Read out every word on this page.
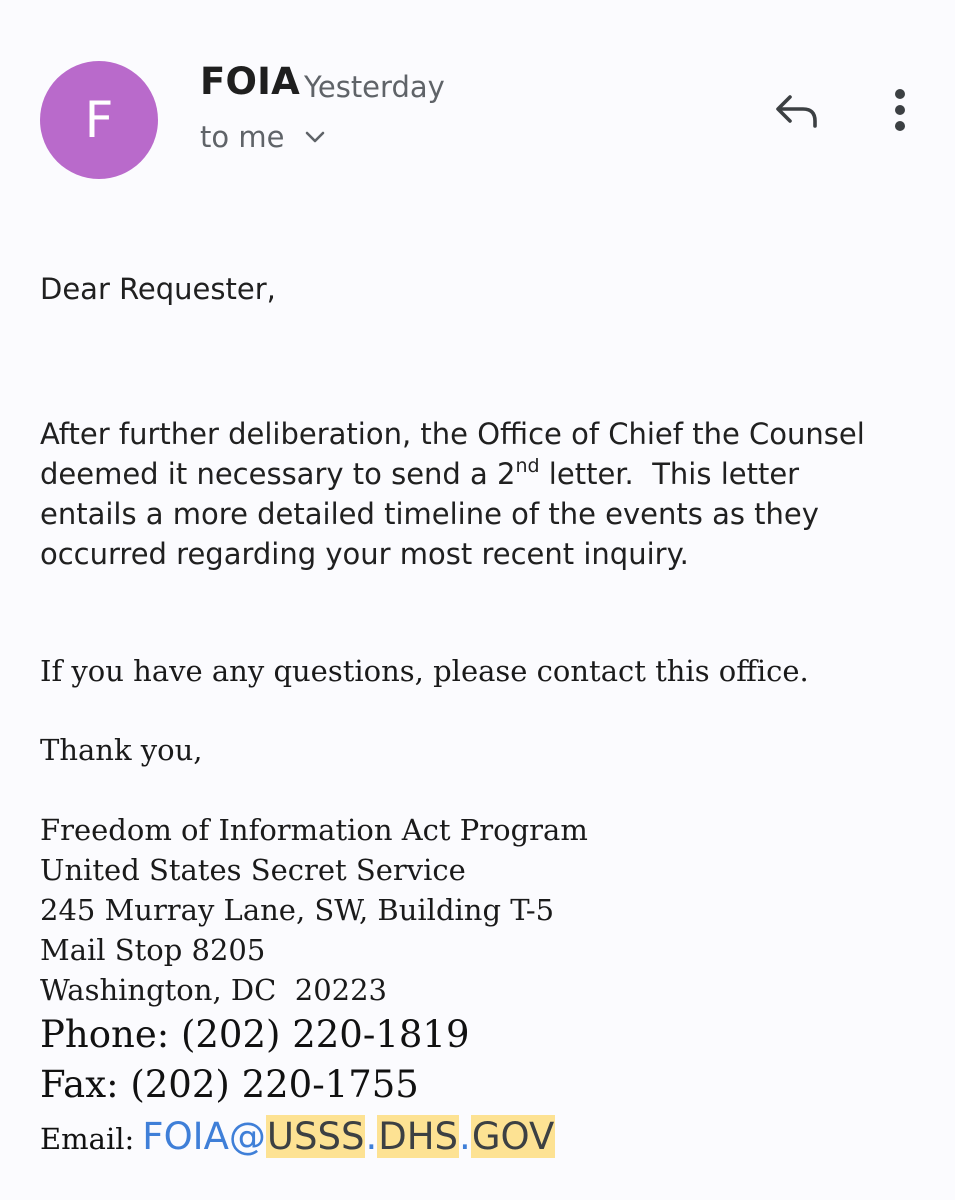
F
FOIA Yesterday
to me
Dear Requester,
After further deliberation, the Office of Chief the Counsel
deemed it necessary to send a 2nd letter.  This letter
entails a more detailed timeline of the events as they
occurred regarding your most recent inquiry.
If you have any questions, please contact this office.
Thank you,
Freedom of Information Act Program
United States Secret Service
245 Murray Lane, SW, Building T-5
Mail Stop 8205
Washington, DC  20223
Phone: (202) 220-1819
Fax: (202) 220-1755
Email: FOIA@USSS.DHS.GOV
